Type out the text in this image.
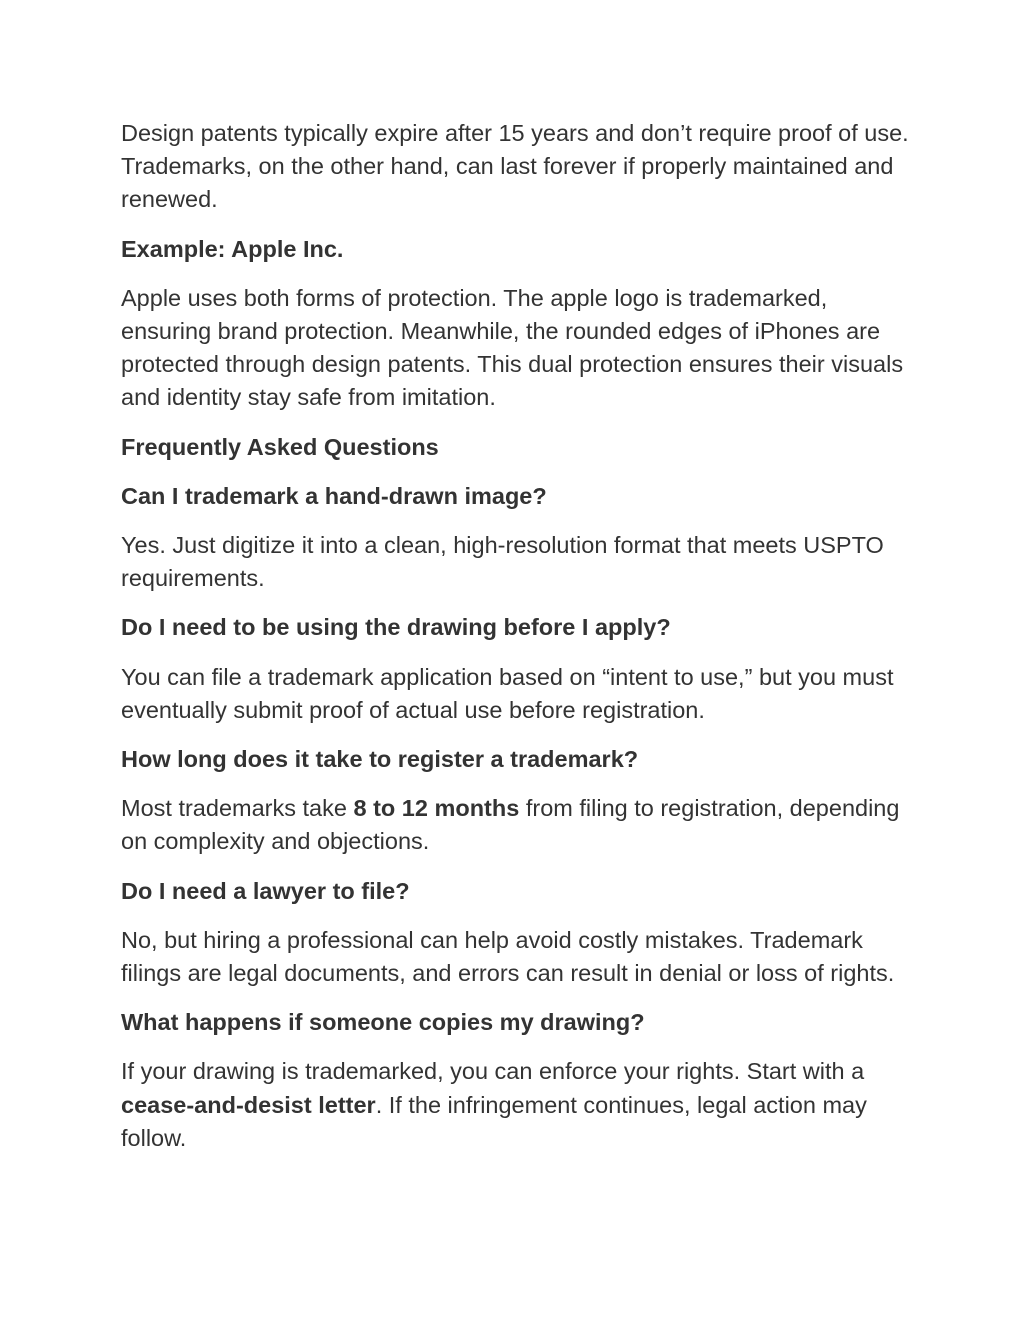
Design patents typically expire after 15 years and don’t require proof of use. Trademarks, on the other hand, can last forever if properly maintained and renewed.

Example: Apple Inc.

Apple uses both forms of protection. The apple logo is trademarked, ensuring brand protection. Meanwhile, the rounded edges of iPhones are protected through design patents. This dual protection ensures their visuals and identity stay safe from imitation.

Frequently Asked Questions

Can I trademark a hand-drawn image?

Yes. Just digitize it into a clean, high-resolution format that meets USPTO requirements.

Do I need to be using the drawing before I apply?

You can file a trademark application based on “intent to use,” but you must eventually submit proof of actual use before registration.

How long does it take to register a trademark?

Most trademarks take 8 to 12 months from filing to registration, depending on complexity and objections.

Do I need a lawyer to file?

No, but hiring a professional can help avoid costly mistakes. Trademark filings are legal documents, and errors can result in denial or loss of rights.

What happens if someone copies my drawing?

If your drawing is trademarked, you can enforce your rights. Start with a cease-and-desist letter. If the infringement continues, legal action may follow.
